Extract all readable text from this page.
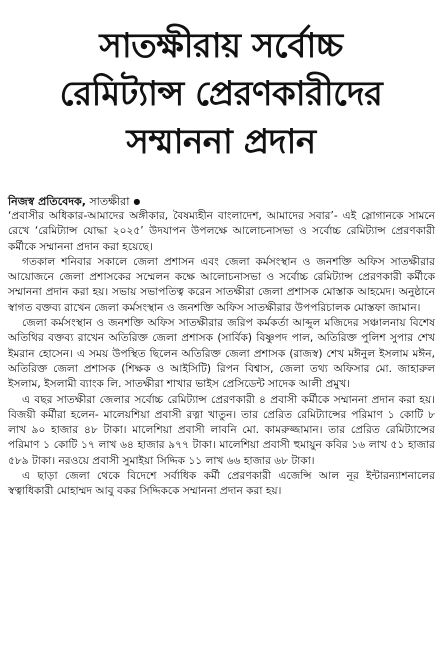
সাতক্ষীরায় সর্বোচ্চ
রেমিট্যান্স প্রেরণকারীদের
সম্মাননা প্রদান
নিজস্ব প্রতিবেদক, সাতক্ষীরা ●

‘প্রবাসীর অধিকার-আমাদের অঙ্গীকার, বৈষম্যহীন বাংলাদেশ, আমাদের সবার’- এই স্লোগানকে সামনে রেখে ‘রেমিট্যান্স যোদ্ধা ২০২৫’ উদযাপন উপলক্ষে আলোচনাসভা ও সর্বোচ্চ রেমিট্যান্স প্রেরণকারী কর্মীকে সম্মাননা প্রদান করা হয়েছে।

গতকাল শনিবার সকালে জেলা প্রশাসন এবং জেলা কর্মসংস্থান ও জনশক্তি অফিস সাতক্ষীরার আয়োজনে জেলা প্রশাসকের সম্মেলন কক্ষে আলোচনাসভা ও সর্বোচ্চ রেমিট্যান্স প্রেরণকারী কর্মীকে সম্মাননা প্রদান করা হয়। সভায় সভাপতিত্ব করেন সাতক্ষীরা জেলা প্রশাসক মোস্তাক আহমেদ। অনুষ্ঠানে স্বাগত বক্তব্য রাখেন জেলা কর্মসংস্থান ও জনশক্তি অফিস সাতক্ষীরার উপপরিচালক মোস্তফা জামান।

জেলা কর্মসংস্থান ও জনশক্তি অফিস সাতক্ষীরার জরিপ কর্মকর্তা আব্দুল মজিদের সঞ্চালনায় বিশেষ অতিথির বক্তব্য রাখেন অতিরিক্ত জেলা প্রশাসক (সার্বিক) বিষ্ণুপদ পাল, অতিরিক্ত পুলিশ সুপার শেখ ইমরান হোসেন। এ সময় উপস্থিত ছিলেন অতিরিক্ত জেলা প্রশাসক (রাজস্ব) শেখ মঈনুল ইসলাম মঈন, অতিরিক্ত জেলা প্রশাসক (শিক্ষক ও আইসিটি) রিপন বিশ্বাস, জেলা তথ্য অফিসার মো. জাহারুল ইসলাম, ইসলামী ব্যাংক লি. সাতক্ষীরা শাখার ভাইস প্রেসিডেন্ট সাদেক আলী প্রমুখ।

এ বছর সাতক্ষীরা জেলার সর্বোচ্চ রেমিট্যান্স প্রেরণকারী ৪ প্রবাসী কর্মীকে সম্মাননা প্রদান করা হয়। বিজয়ী কর্মীরা হলেন- মালেয়শিয়া প্রবাসী রত্না খাতুন। তার প্রেরিত রেমিট্যান্সের পরিমাণ ১ কোটি ৮ লাখ ৯০ হাজার ৪৮ টাকা। মালেশিয়া প্রবাসী লাবনি মো. কামরুজ্জামান। তার প্রেরিত রেমিট্যান্সের পরিমাণ ১ কোটি ১৭ লাখ ৬৪ হাজার ৯৭৭ টাকা। মালেশিয়া প্রবাসী হুমায়ুন কবির ১৬ লাখ ৫১ হাজার ৫৮৯ টাকা। নরওয়ে প্রবাসী সুমাইয়া সিদ্দিক ১১ লাখ ৬৬ হাজার ৬৮ টাকা।

এ ছাড়া জেলা থেকে বিদেশে সর্বাধিক কর্মী প্রেরণকারী এজেন্সি আল নূর ইন্টারন্যাশনালের স্বত্বাধিকারী মোহাম্মদ আবু বকর সিদ্দিককে সম্মাননা প্রদান করা হয়।
